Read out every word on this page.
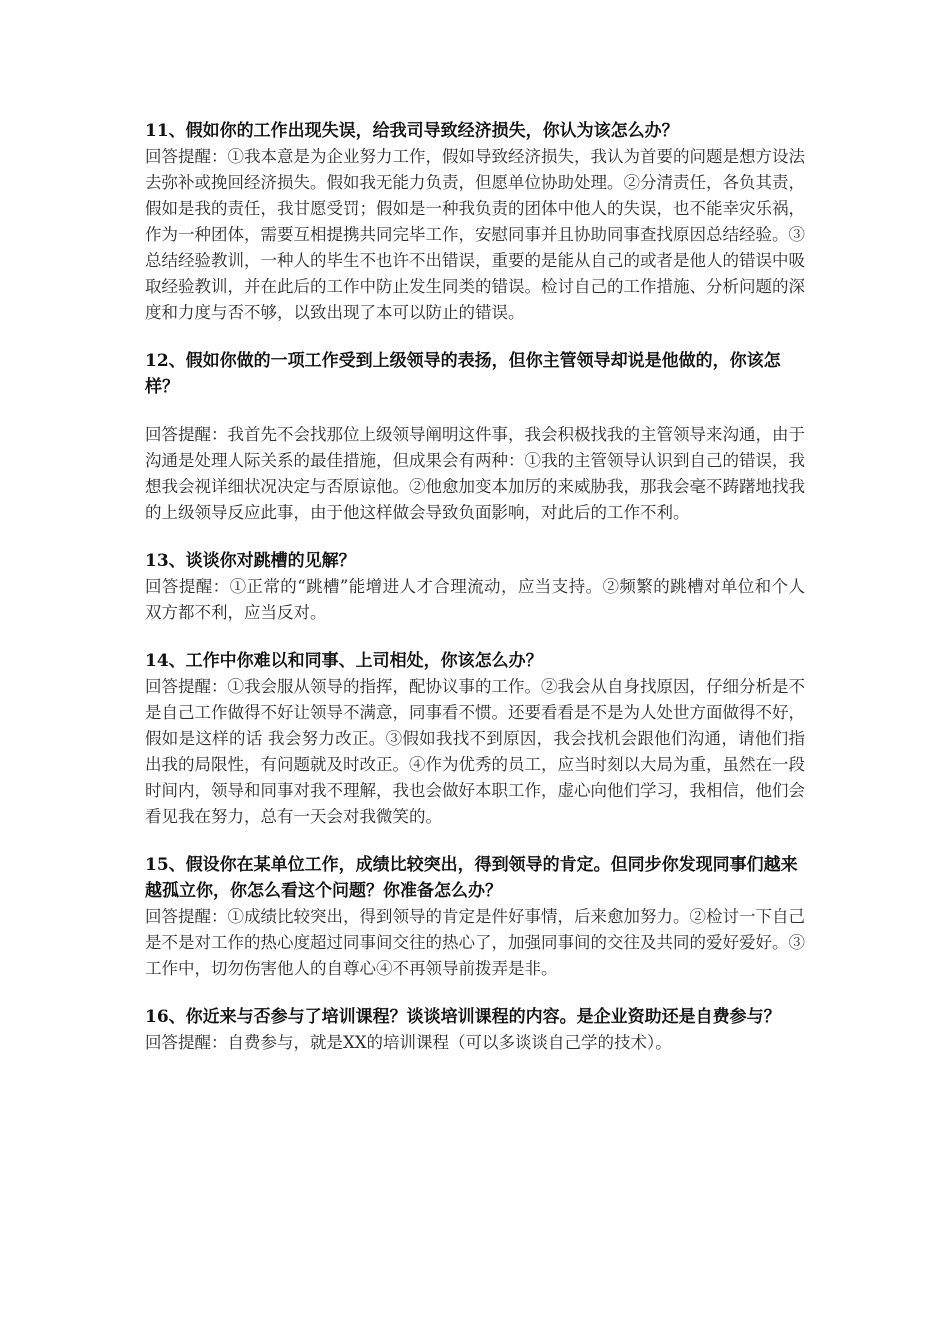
11、假如你的工作出现失误，给我司导致经济损失，你认为该怎么办？
回答提醒：①我本意是为企业努力工作，假如导致经济损失，我认为首要的问题是想方设法去弥补或挽回经济损失。假如我无能力负责，但愿单位协助处理。②分清责任，各负其责，假如是我的责任，我甘愿受罚；假如是一种我负责的团体中他人的失误，也不能幸灾乐祸，作为一种团体，需要互相提携共同完毕工作，安慰同事并且协助同事查找原因总结经验。③总结经验教训，一种人的毕生不也许不出错误，重要的是能从自己的或者是他人的错误中吸取经验教训，并在此后的工作中防止发生同类的错误。检讨自己的工作措施、分析问题的深度和力度与否不够，以致出现了本可以防止的错误。
12、假如你做的一项工作受到上级领导的表扬，但你主管领导却说是他做的，你该怎样？
回答提醒：我首先不会找那位上级领导阐明这件事，我会积极找我的主管领导来沟通，由于沟通是处理人际关系的最佳措施，但成果会有两种：①我的主管领导认识到自己的错误，我想我会视详细状况决定与否原谅他。②他愈加变本加厉的来威胁我，那我会毫不踌躇地找我的上级领导反应此事，由于他这样做会导致负面影响，对此后的工作不利。
13、谈谈你对跳槽的见解？
回答提醒：①正常的“跳槽”能增进人才合理流动，应当支持。②频繁的跳槽对单位和个人双方都不利，应当反对。
14、工作中你难以和同事、上司相处，你该怎么办？
回答提醒：①我会服从领导的指挥，配协议事的工作。②我会从自身找原因，仔细分析是不是自己工作做得不好让领导不满意，同事看不惯。还要看看是不是为人处世方面做得不好，假如是这样的话 我会努力改正。③假如我找不到原因，我会找机会跟他们沟通，请他们指出我的局限性，有问题就及时改正。④作为优秀的员工，应当时刻以大局为重，虽然在一段时间内，领导和同事对我不理解，我也会做好本职工作，虚心向他们学习，我相信，他们会看见我在努力，总有一天会对我微笑的。
15、假设你在某单位工作，成绩比较突出，得到领导的肯定。但同步你发现同事们越来越孤立你，你怎么看这个问题？你准备怎么办？
回答提醒：①成绩比较突出，得到领导的肯定是件好事情，后来愈加努力。②检讨一下自己是不是对工作的热心度超过同事间交往的热心了，加强同事间的交往及共同的爱好爱好。③工作中，切勿伤害他人的自尊心④不再领导前拨弄是非。
16、你近来与否参与了培训课程？谈谈培训课程的内容。是企业资助还是自费参与？
回答提醒：自费参与，就是XX的培训课程（可以多谈谈自己学的技术）。
